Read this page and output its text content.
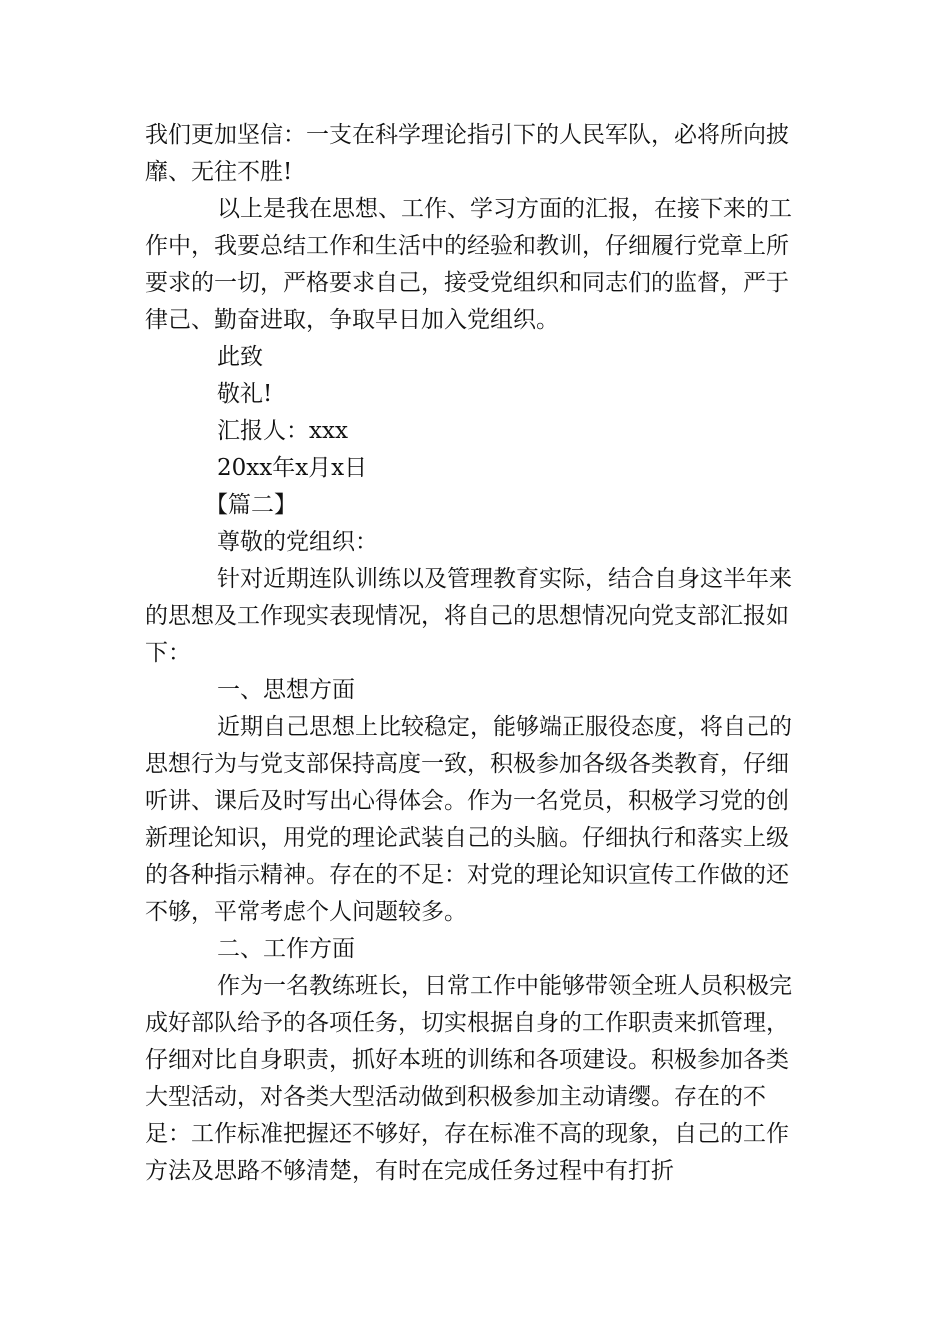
我们更加坚信：一支在科学理论指引下的人民军队，必将所向披靡、无往不胜!

以上是我在思想、工作、学习方面的汇报，在接下来的工作中，我要总结工作和生活中的经验和教训，仔细履行党章上所要求的一切，严格要求自己，接受党组织和同志们的监督，严于律己、勤奋进取，争取早日加入党组织。

此致

敬礼!

汇报人：xxx

20xx年x月x日

【篇二】

尊敬的党组织：

针对近期连队训练以及管理教育实际，结合自身这半年来的思想及工作现实表现情况，将自己的思想情况向党支部汇报如下：

一、思想方面

近期自己思想上比较稳定，能够端正服役态度，将自己的思想行为与党支部保持高度一致，积极参加各级各类教育，仔细听讲、课后及时写出心得体会。作为一名党员，积极学习党的创新理论知识，用党的理论武装自己的头脑。仔细执行和落实上级的各种指示精神。存在的不足：对党的理论知识宣传工作做的还不够，平常考虑个人问题较多。

二、工作方面

作为一名教练班长，日常工作中能够带领全班人员积极完成好部队给予的各项任务，切实根据自身的工作职责来抓管理，仔细对比自身职责，抓好本班的训练和各项建设。积极参加各类大型活动，对各类大型活动做到积极参加主动请缨。存在的不足：工作标准把握还不够好，存在标准不高的现象，自己的工作方法及思路不够清楚，有时在完成任务过程中有打折
